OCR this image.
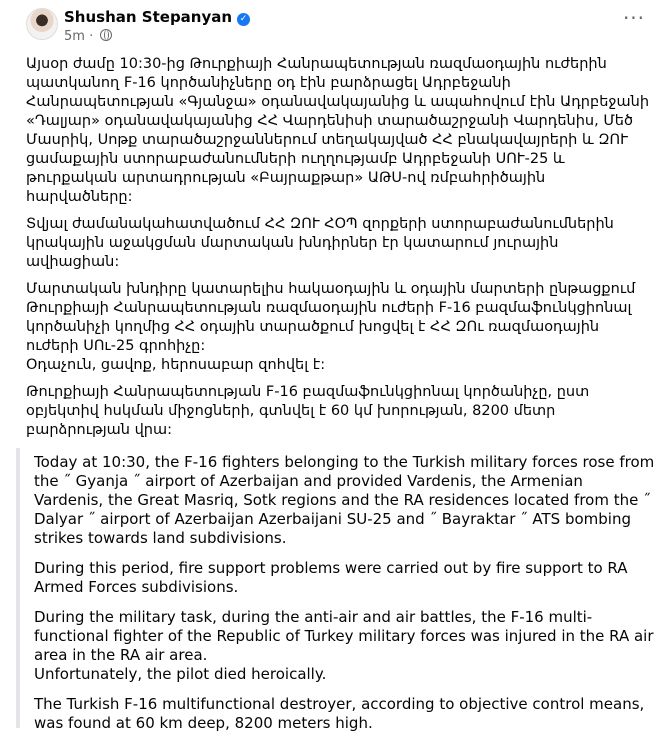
Shushan Stepanyan ✓
5m ·
···

Այսօր ժամը 10:30-ից Թուրքիայի Հանրապետության ռազմաօդային ուժերին պատկանող F-16 կործանիչները օդ էին բարձրացել Ադրբեջանի Հանրապետության «Գյանջա» օդանավակայանից և ապահովում էին Ադրբեջանի «Դալյար» օդանավակայանից ՀՀ Վարդենիսի տարածաշրջանի Վարդենիս, Մեծ Մասրիկ, Սոթք տարածաշրջաններում տեղակայված ՀՀ բնակավայրերի և ԶՈՒ ցամաքային ստորաբաժանումների ուղղությամբ Ադրբեջանի ՍՈՒ-25 և թուրքական արտադրության «Բայրաքթար» ԱԹՍ-ով ռմբահրիծային հարվածները:

Տվյալ ժամանակահատվածում ՀՀ ԶՈՒ ՀՕՊ զորքերի ստորաբաժանումներին կրակային աջակցման մարտական խնդիրներ էր կատարում յուրային ավիացիան:

Մարտական խնդիրը կատարելիս հակաօդային և օդային մարտերի ընթացքում Թուրքիայի Հանրապետության ռազմաօդային ուժերի F-16 բազմաֆունկցիոնալ կործանիչի կողմից ՀՀ օդային տարածքում խոցվել է ՀՀ ԶՈւ ռազմաօդային ուժերի ՍՈւ-25 գրոհիչը:
Օդաչուն, ցավոք, հերոսաբար զոհվել է:

Թուրքիայի Հանրապետության F-16 բազմաֆունկցիոնալ կործանիչը, ըստ օբյեկտիվ հսկման միջոցների, գտնվել է 60 կմ խորության, 8200 մետր բարձրության վրա:

Today at 10:30, the F-16 fighters belonging to the Turkish military forces rose from the ˝ Gyanja ˝ airport of Azerbaijan and provided Vardenis, the Armenian Vardenis, the Great Masriq, Sotk regions and the RA residences located from the ˝ Dalyar ˝ airport of Azerbaijan Azerbaijani SU-25 and ˝ Bayraktar ˝ ATS bombing strikes towards land subdivisions.

During this period, fire support problems were carried out by fire support to RA Armed Forces subdivisions.

During the military task, during the anti-air and air battles, the F-16 multi-functional fighter of the Republic of Turkey military forces was injured in the RA air area in the RA air area.
Unfortunately, the pilot died heroically.

The Turkish F-16 multifunctional destroyer, according to objective control means, was found at 60 km deep, 8200 meters high.
